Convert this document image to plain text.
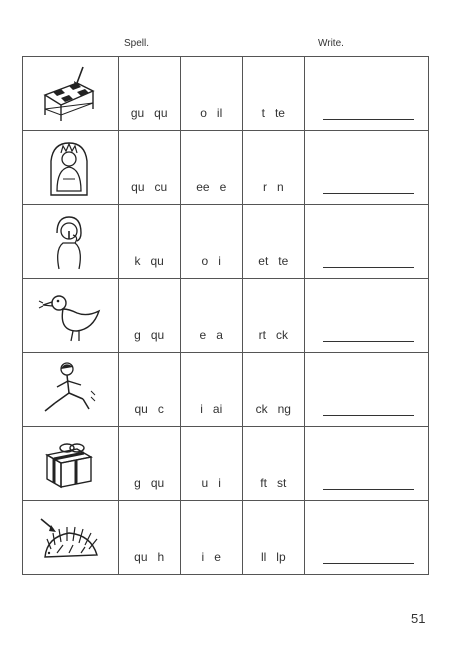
Spell.	Write.

gu qu	o il	t te	

qu cu	ee e	r n	

k qu	o i	et te	

g qu	e a	rt ck	

qu c	i ai	ck ng	

g qu	u i	ft st	

qu h	i e	ll lp	

51
